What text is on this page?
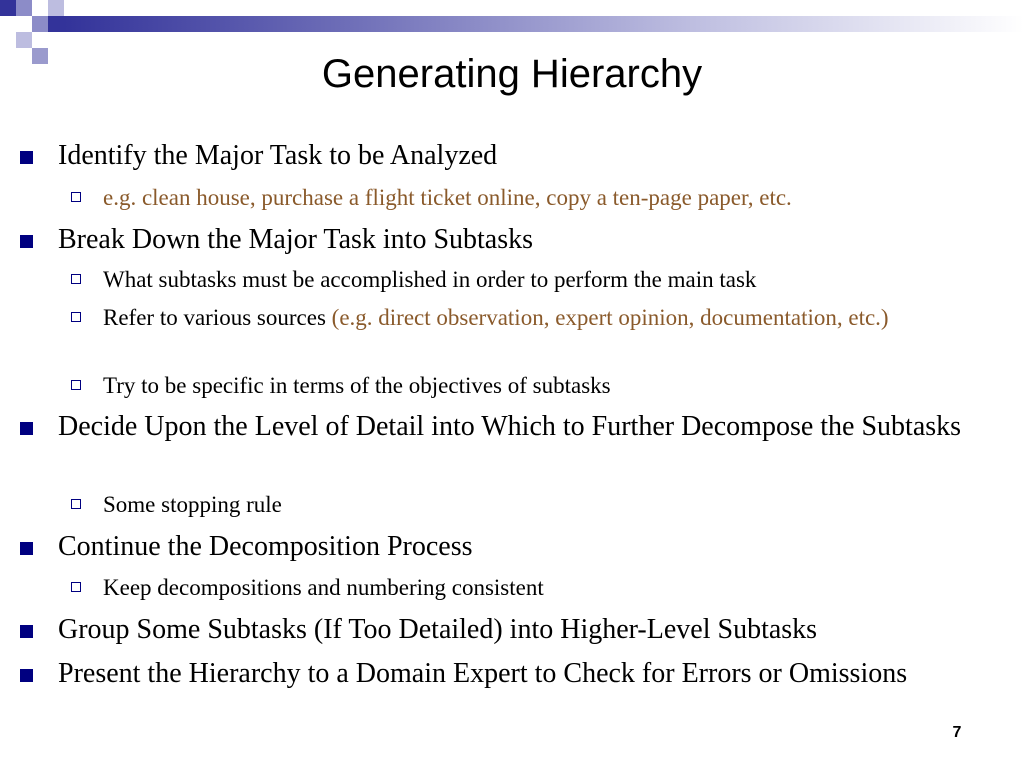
Generating Hierarchy
Identify the Major Task to be Analyzed
e.g. clean house, purchase a flight ticket online, copy a ten-page paper, etc.
Break Down the Major Task into Subtasks
What subtasks must be accomplished in order to perform the main task
Refer to various sources (e.g. direct observation, expert opinion, documentation, etc.)
Try to be specific in terms of the objectives of subtasks
Decide Upon the Level of Detail into Which to Further Decompose the Subtasks
Some stopping rule
Continue the Decomposition Process
Keep decompositions and numbering consistent
Group Some Subtasks (If Too Detailed) into Higher-Level Subtasks
Present the Hierarchy to a Domain Expert to Check for Errors or Omissions
7
